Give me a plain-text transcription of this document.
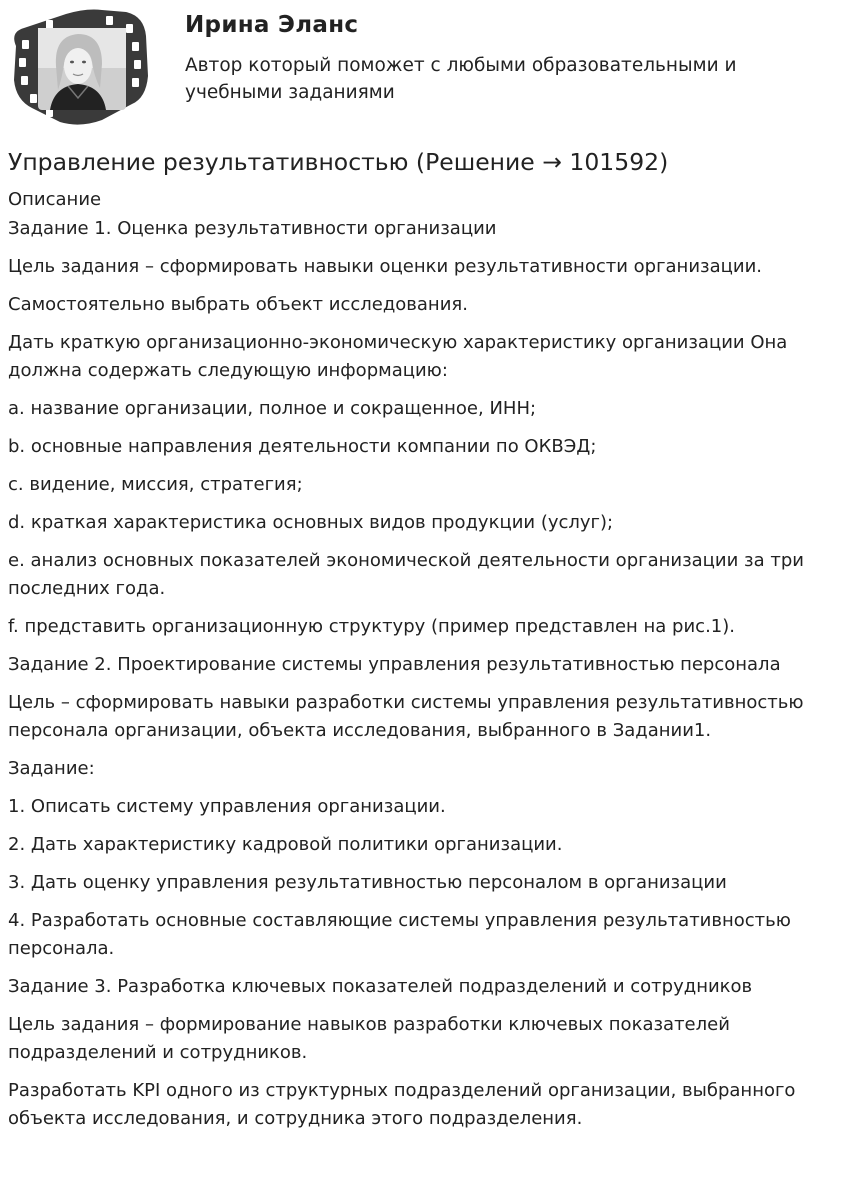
Ирина Эланс
Автор который поможет с любыми образовательными и учебными заданиями
Управление результативностью (Решение → 101592)

Описание

Задание 1. Оценка результативности организации

Цель задания – сформировать навыки оценки результативности организации.

Самостоятельно выбрать объект исследования.

Дать краткую организационно-экономическую характеристику организации Она должна содержать следующую информацию:

a. название организации, полное и сокращенное, ИНН;

b. основные направления деятельности компании по ОКВЭД;

c. видение, миссия, стратегия;

d. краткая характеристика основных видов продукции (услуг);

e. анализ основных показателей экономической деятельности организации за три последних года.

f. представить организационную структуру (пример представлен на рис.1).

Задание 2. Проектирование системы управления результативностью персонала

Цель – сформировать навыки разработки системы управления результативностью персонала организации, объекта исследования, выбранного в Задании1.

Задание:

1. Описать систему управления организации.

2. Дать характеристику кадровой политики организации.

3. Дать оценку управления результативностью персоналом в организации

4. Разработать основные составляющие системы управления результативностью персонала.

Задание 3. Разработка ключевых показателей подразделений и сотрудников

Цель задания – формирование навыков разработки ключевых показателей подразделений и сотрудников.

Разработать KPI одного из структурных подразделений организации, выбранного объекта исследования, и сотрудника этого подразделения.
